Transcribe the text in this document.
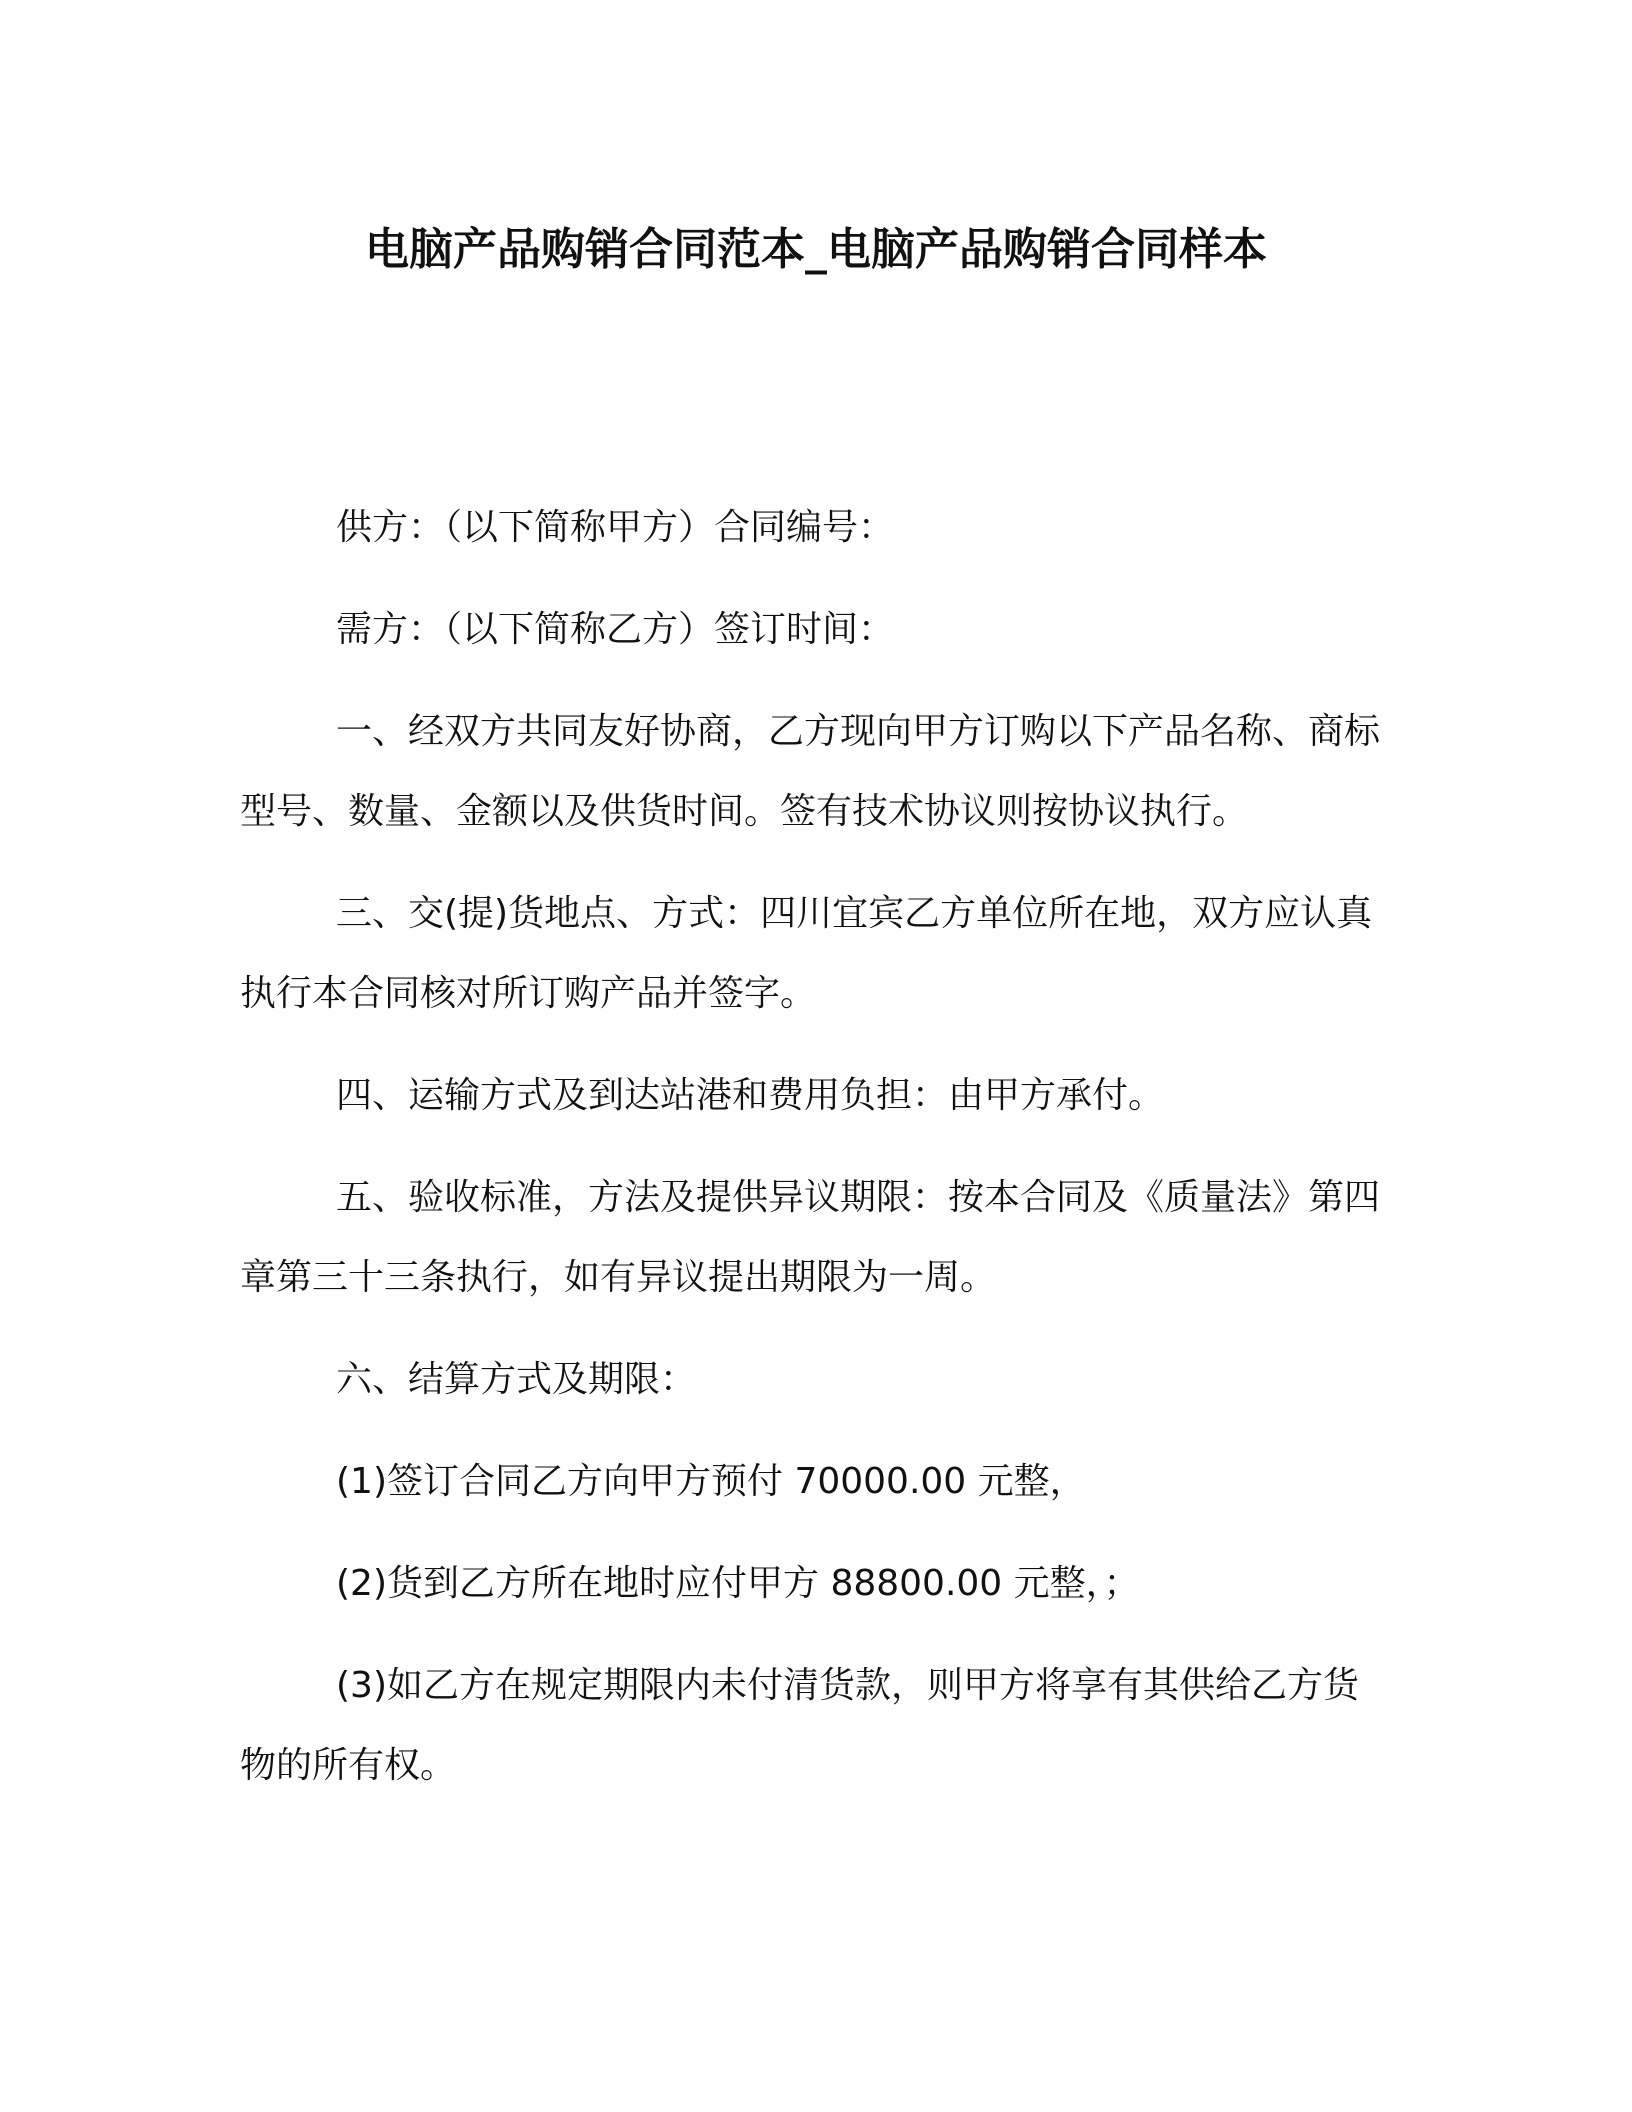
电脑产品购销合同范本_电脑产品购销合同样本

供方：（以下简称甲方）合同编号：

需方：（以下简称乙方）签订时间：

一、经双方共同友好协商，乙方现向甲方订购以下产品名称、商标型号、数量、金额以及供货时间。签有技术协议则按协议执行。

三、交(提)货地点、方式：四川宜宾乙方单位所在地，双方应认真执行本合同核对所订购产品并签字。

四、运输方式及到达站港和费用负担：由甲方承付。

五、验收标准，方法及提供异议期限：按本合同及《质量法》第四章第三十三条执行，如有异议提出期限为一周。

六、结算方式及期限：

(1)签订合同乙方向甲方预付 70000.00 元整，

(2)货到乙方所在地时应付甲方 88800.00 元整，；

(3)如乙方在规定期限内未付清货款，则甲方将享有其供给乙方货物的所有权。
